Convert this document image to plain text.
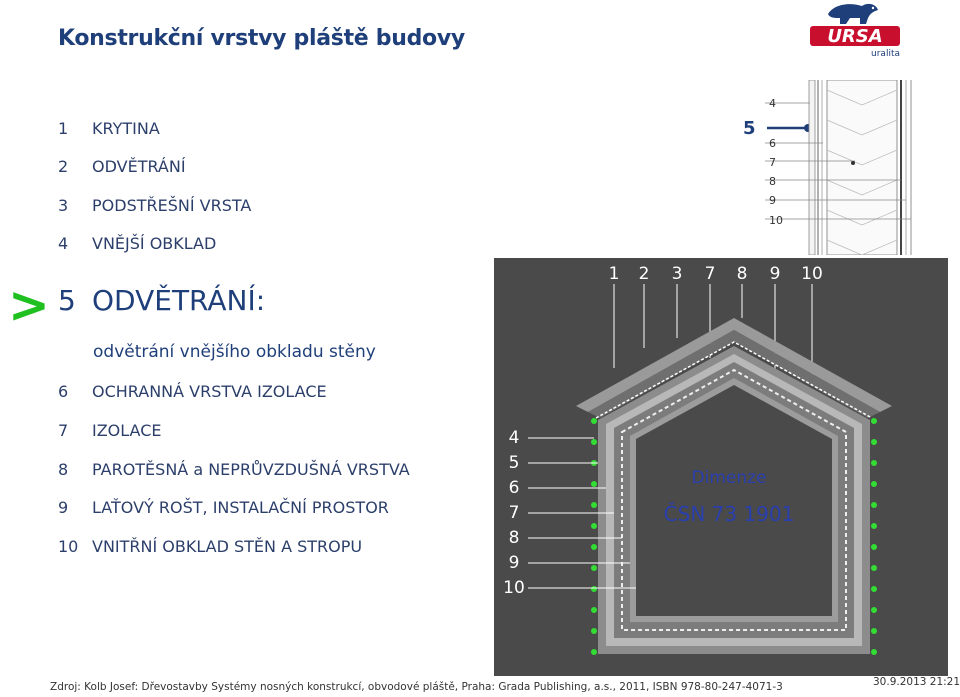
Konstrukční vrstvy pláště budovy	URSA
uralita
1 KRYTINA
2 ODVĚTRÁNÍ
3 PODSTŘEŠNÍ VRSTA
4 VNĚJŠÍ OBKLAD
5 ODVĚTRÁNÍ:
6 OCHRANNÁ VRSTVA IZOLACE
7 IZOLACE
8 PAROTĚSNÁ a NEPRŮVZDUŠNÁ VRSTVA
9 LAŤOVÝ ROŠT, INSTALAČNÍ PROSTOR
10 VNITŘNÍ OBKLAD STĚN A STROPU
>
odvětrání vnějšího obkladu stěny
5
4
6
7
8
9
10
1 2 3 7 8 9 10
4
5
6
7
8
9
10
Dimenze
ČSN 73 1901
Zdroj: Kolb Josef: Dřevostavby Systémy nosných konstrukcí, obvodové pláště, Praha: Grada Publishing, a.s., 2011, ISBN 978-80-247-4071-3	30.9.2013 21:21
